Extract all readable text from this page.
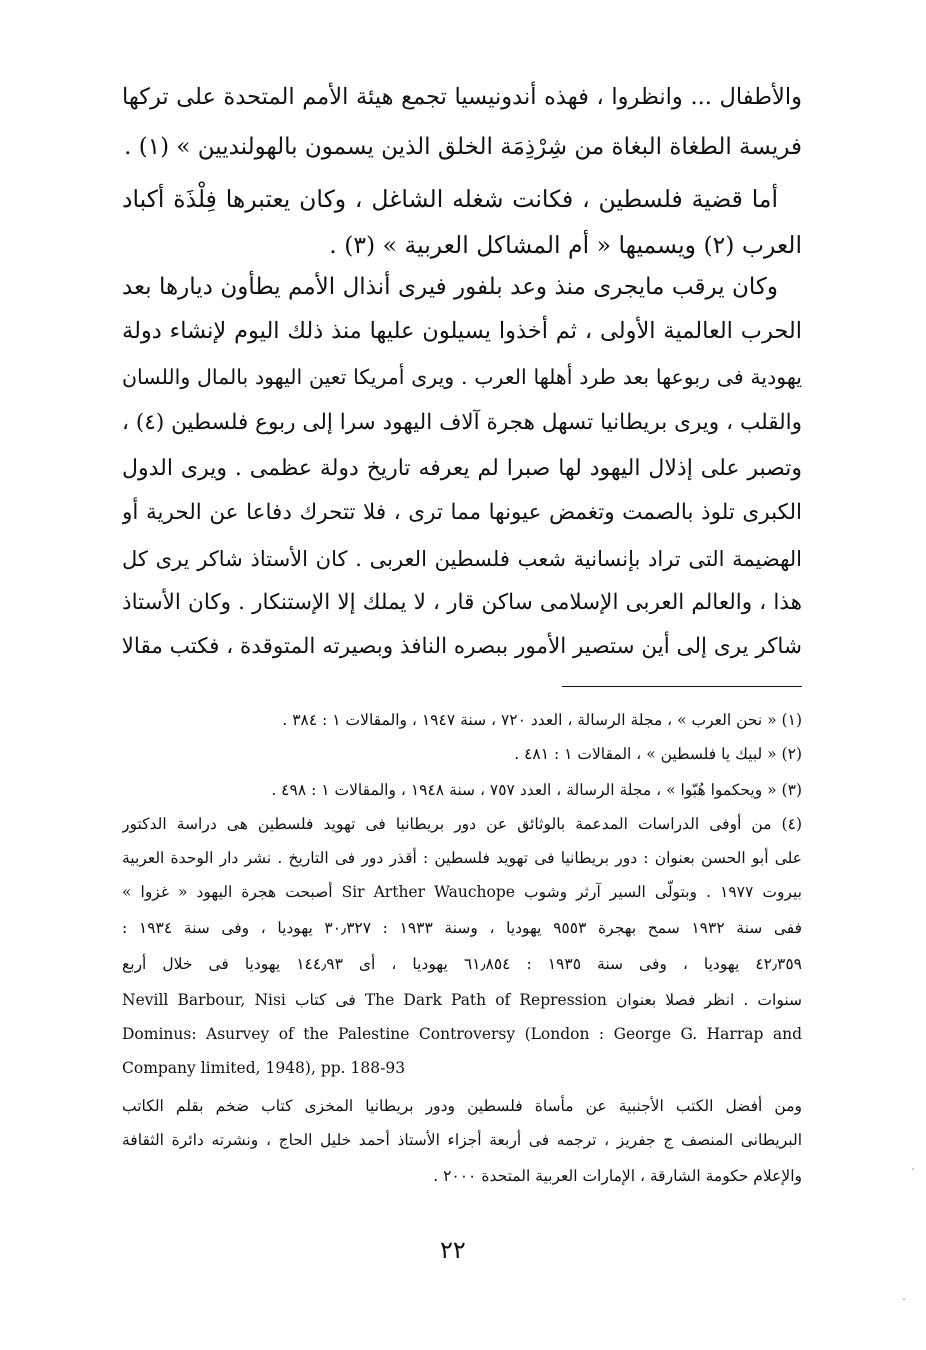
والأطفال ... وانظروا ، فهذه أندونيسيا تجمع هيئة الأمم المتحدة على تركها
فريسة الطغاة البغاة من شِرْذِمَة الخلق الذين يسمون بالهولنديين » (١) .
أما قضية فلسطين ، فكانت شغله الشاغل ، وكان يعتبرها فِلْذَة أكباد
العرب (٢) ويسميها « أم المشاكل العربية » (٣) .
وكان يرقب مايجرى منذ وعد بلفور فيرى أنذال الأمم يطأون ديارها بعد
الحرب العالمية الأولى ، ثم أخذوا يسيلون عليها منذ ذلك اليوم لإنشاء دولة
يهودية فى ربوعها بعد طرد أهلها العرب . ويرى أمريكا تعين اليهود بالمال واللسان
والقلب ، ويرى بريطانيا تسهل هجرة آلاف اليهود سرا إلى ربوع فلسطين (٤) ،
وتصبر على إذلال اليهود لها صبرا لم يعرفه تاريخ دولة عظمى . ويرى الدول
الكبرى تلوذ بالصمت وتغمض عيونها مما ترى ، فلا تتحرك دفاعا عن الحرية أو
الهضيمة التى تراد بإنسانية شعب فلسطين العربى . كان الأستاذ شاكر يرى كل
هذا ، والعالم العربى الإسلامى ساكن قار ، لا يملك إلا الإستنكار . وكان الأستاذ
شاكر يرى إلى أين ستصير الأمور ببصره النافذ وبصيرته المتوقدة ، فكتب مقالا
(١) « نحن العرب » ، مجلة الرسالة ، العدد ٧٢٠ ، سنة ١٩٤٧ ، والمقالات ١ : ٣٨٤ .
(٢) « لبيك يا فلسطين » ، المقالات ١ : ٤٨١ .
(٣) « ويحكموا هُبّوا » ، مجلة الرسالة ، العدد ٧٥٧ ، سنة ١٩٤٨ ، والمقالات ١ : ٤٩٨ .
(٤) من أوفى الدراسات المدعمة بالوثائق عن دور بريطانيا فى تهويد فلسطين هى دراسة الدكتور
على أبو الحسن بعنوان : دور بريطانيا فى تهويد فلسطين : أقذر دور فى التاريخ . نشر دار الوحدة العربية
بيروت ١٩٧٧ . وبتولّى السير آرثر وشوب Sir Arther Wauchope أصبحت هجرة اليهود « غزوا »
ففى سنة ١٩٣٢ سمح بهجرة ٩٥٥٣ يهوديا ، وسنة ١٩٣٣ : ٣٠٫٣٢٧ يهوديا ، وفى سنة ١٩٣٤ :
٤٢٫٣٥٩ يهوديا ، وفى سنة ١٩٣٥ : ٦١٫٨٥٤ يهوديا ، أى ١٤٤٫٩٣ يهوديا فى خلال أربع
سنوات . انظر فصلا بعنوان The Dark Path of Repression فى كتاب Nevill Barbour, Nisi
Dominus: Asurvey of the Palestine Controversy (London : George G. Harrap and
Company limited, 1948), pp. 188-93
ومن أفضل الكتب الأجنبية عن مأساة فلسطين ودور بريطانيا المخزى كتاب ضخم بقلم الكاتب
البريطانى المنصف ج جفريز ، ترجمه فى أربعة أجزاء الأستاذ أحمد خليل الحاج ، ونشرته دائرة الثقافة
والإعلام حكومة الشارقة ، الإمارات العربية المتحدة ٢٠٠٠ .
٢٢
